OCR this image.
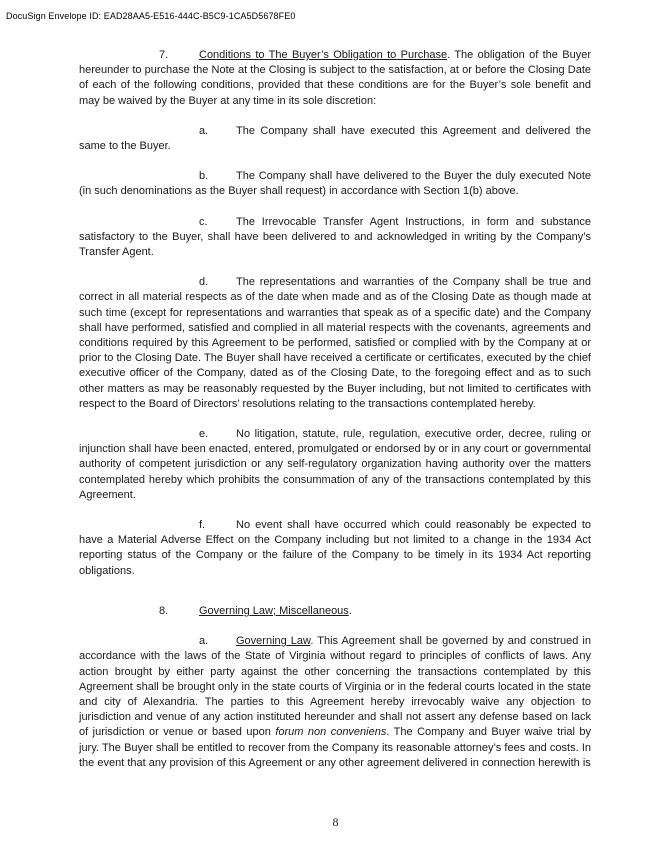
DocuSign Envelope ID: EAD28AA5-E516-444C-B5C9-1CA5D5678FE0

7.	Conditions to The Buyer’s Obligation to Purchase. The obligation of the Buyer hereunder to purchase the Note at the Closing is subject to the satisfaction, at or before the Closing Date of each of the following conditions, provided that these conditions are for the Buyer’s sole benefit and may be waived by the Buyer at any time in its sole discretion:

a.	The Company shall have executed this Agreement and delivered the same to the Buyer.

b.	The Company shall have delivered to the Buyer the duly executed Note (in such denominations as the Buyer shall request) in accordance with Section 1(b) above.

c.	The Irrevocable Transfer Agent Instructions, in form and substance satisfactory to the Buyer, shall have been delivered to and acknowledged in writing by the Company’s Transfer Agent.

d.	The representations and warranties of the Company shall be true and correct in all material respects as of the date when made and as of the Closing Date as though made at such time (except for representations and warranties that speak as of a specific date) and the Company shall have performed, satisfied and complied in all material respects with the covenants, agreements and conditions required by this Agreement to be performed, satisfied or complied with by the Company at or prior to the Closing Date. The Buyer shall have received a certificate or certificates, executed by the chief executive officer of the Company, dated as of the Closing Date, to the foregoing effect and as to such other matters as may be reasonably requested by the Buyer including, but not limited to certificates with respect to the Board of Directors’ resolutions relating to the transactions contemplated hereby.

e.	No litigation, statute, rule, regulation, executive order, decree, ruling or injunction shall have been enacted, entered, promulgated or endorsed by or in any court or governmental authority of competent jurisdiction or any self-regulatory organization having authority over the matters contemplated hereby which prohibits the consummation of any of the transactions contemplated by this Agreement.

f.	No event shall have occurred which could reasonably be expected to have a Material Adverse Effect on the Company including but not limited to a change in the 1934 Act reporting status of the Company or the failure of the Company to be timely in its 1934 Act reporting obligations.

8.	Governing Law; Miscellaneous.

a.	Governing Law. This Agreement shall be governed by and construed in accordance with the laws of the State of Virginia without regard to principles of conflicts of laws. Any action brought by either party against the other concerning the transactions contemplated by this Agreement shall be brought only in the state courts of Virginia or in the federal courts located in the state and city of Alexandria. The parties to this Agreement hereby irrevocably waive any objection to jurisdiction and venue of any action instituted hereunder and shall not assert any defense based on lack of jurisdiction or venue or based upon forum non conveniens. The Company and Buyer waive trial by jury. The Buyer shall be entitled to recover from the Company its reasonable attorney’s fees and costs. In the event that any provision of this Agreement or any other agreement delivered in connection herewith is

8
